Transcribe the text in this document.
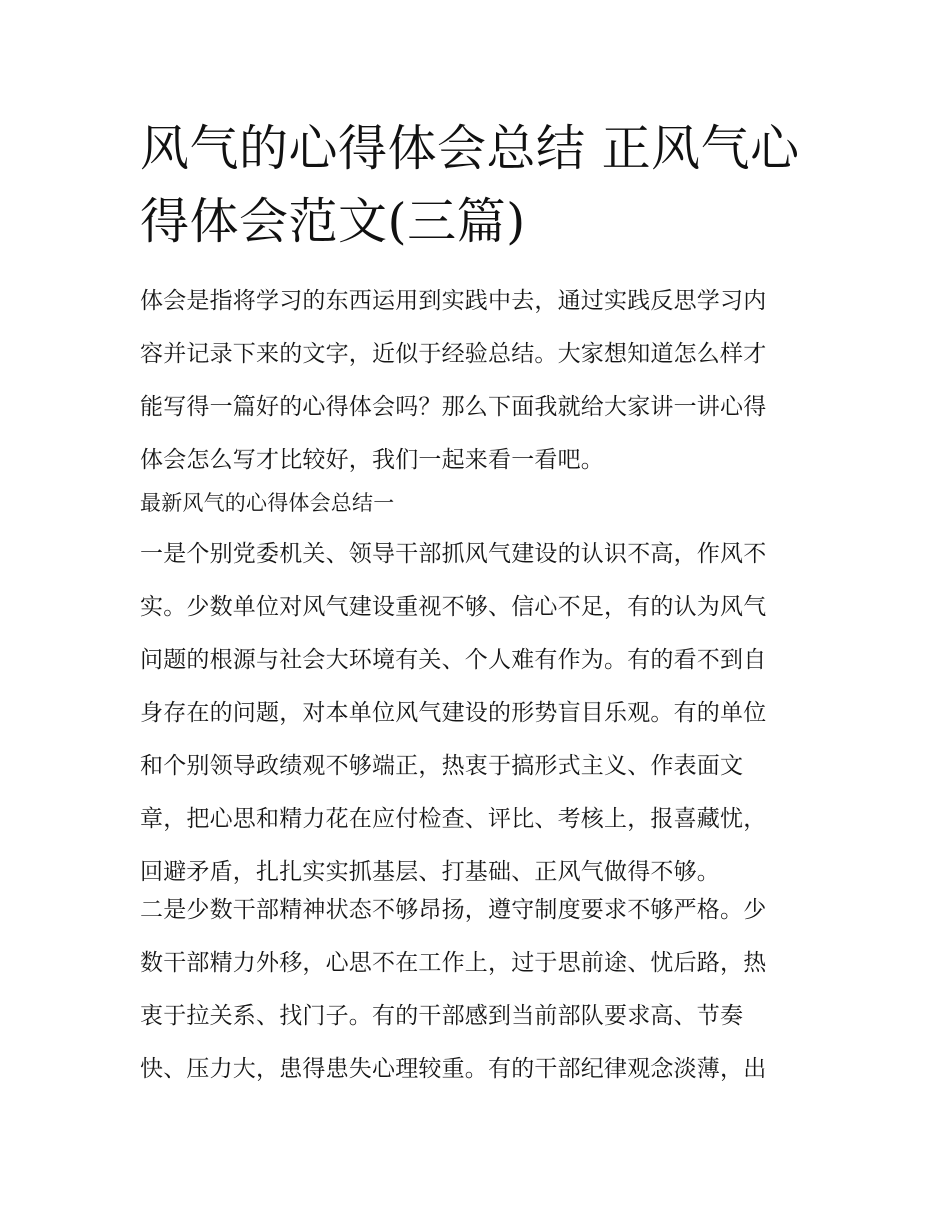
风气的心得体会总结 正风气心
得体会范文(三篇)
体会是指将学习的东西运用到实践中去，通过实践反思学习内
容并记录下来的文字，近似于经验总结。大家想知道怎么样才
能写得一篇好的心得体会吗？那么下面我就给大家讲一讲心得
体会怎么写才比较好，我们一起来看一看吧。
最新风气的心得体会总结一
一是个别党委机关、领导干部抓风气建设的认识不高，作风不
实。少数单位对风气建设重视不够、信心不足，有的认为风气
问题的根源与社会大环境有关、个人难有作为。有的看不到自
身存在的问题，对本单位风气建设的形势盲目乐观。有的单位
和个别领导政绩观不够端正，热衷于搞形式主义、作表面文
章，把心思和精力花在应付检查、评比、考核上，报喜藏忧，
回避矛盾，扎扎实实抓基层、打基础、正风气做得不够。
二是少数干部精神状态不够昂扬，遵守制度要求不够严格。少
数干部精力外移，心思不在工作上，过于思前途、忧后路，热
衷于拉关系、找门子。有的干部感到当前部队要求高、节奏
快、压力大，患得患失心理较重。有的干部纪律观念淡薄，出
